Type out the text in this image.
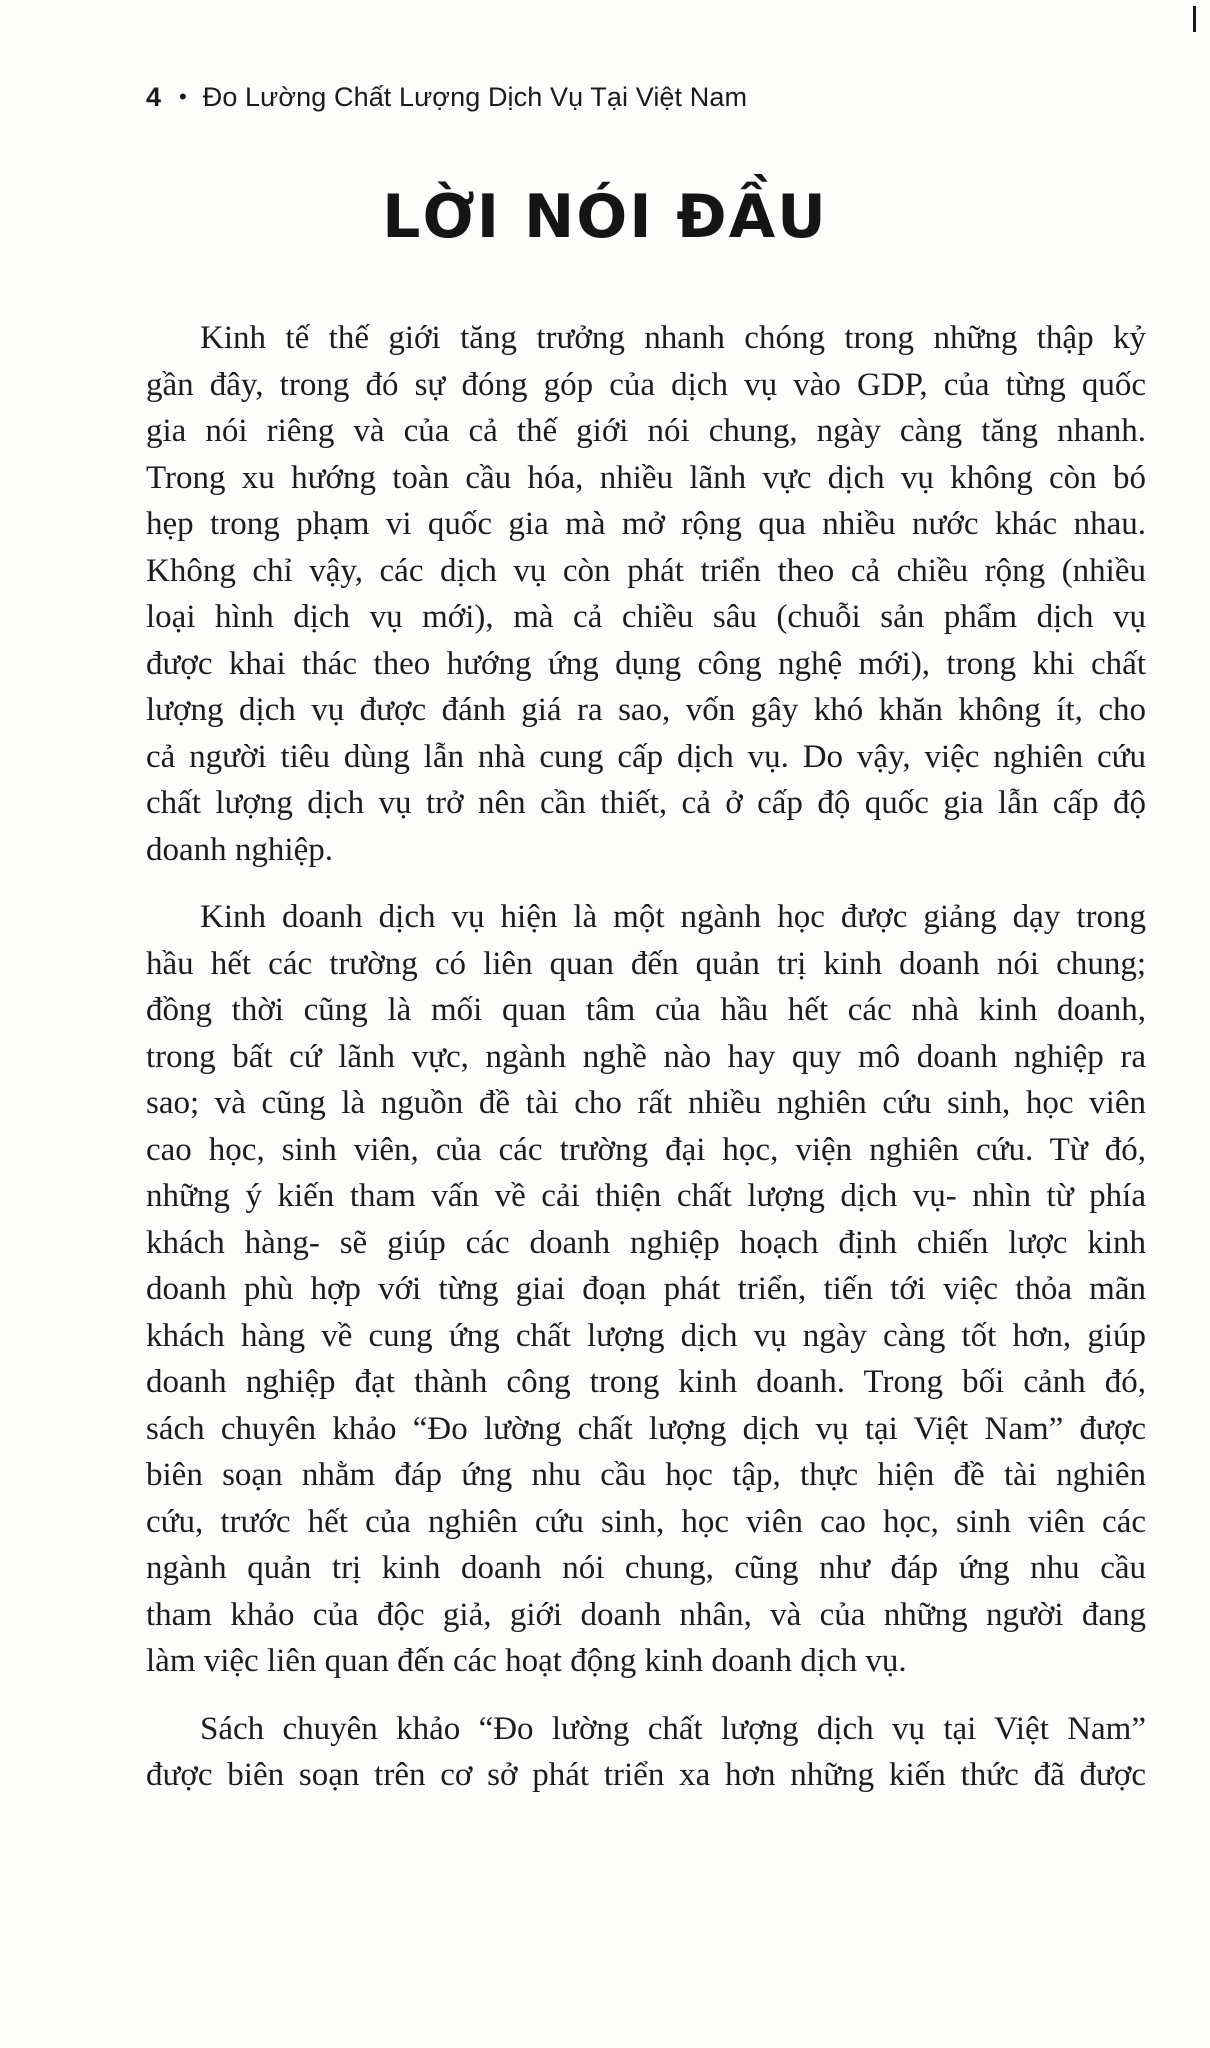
4 • Đo Lường Chất Lượng Dịch Vụ Tại Việt Nam
LỜI NÓI ĐẦU
Kinh tế thế giới tăng trưởng nhanh chóng trong những thập kỷ
gần đây, trong đó sự đóng góp của dịch vụ vào GDP, của từng quốc
gia nói riêng và của cả thế giới nói chung, ngày càng tăng nhanh.
Trong xu hướng toàn cầu hóa, nhiều lãnh vực dịch vụ không còn bó
hẹp trong phạm vi quốc gia mà mở rộng qua nhiều nước khác nhau.
Không chỉ vậy, các dịch vụ còn phát triển theo cả chiều rộng (nhiều
loại hình dịch vụ mới), mà cả chiều sâu (chuỗi sản phẩm dịch vụ
được khai thác theo hướng ứng dụng công nghệ mới), trong khi chất
lượng dịch vụ được đánh giá ra sao, vốn gây khó khăn không ít, cho
cả người tiêu dùng lẫn nhà cung cấp dịch vụ. Do vậy, việc nghiên cứu
chất lượng dịch vụ trở nên cần thiết, cả ở cấp độ quốc gia lẫn cấp độ
doanh nghiệp.
Kinh doanh dịch vụ hiện là một ngành học được giảng dạy trong
hầu hết các trường có liên quan đến quản trị kinh doanh nói chung;
đồng thời cũng là mối quan tâm của hầu hết các nhà kinh doanh,
trong bất cứ lãnh vực, ngành nghề nào hay quy mô doanh nghiệp ra
sao; và cũng là nguồn đề tài cho rất nhiều nghiên cứu sinh, học viên
cao học, sinh viên, của các trường đại học, viện nghiên cứu. Từ đó,
những ý kiến tham vấn về cải thiện chất lượng dịch vụ- nhìn từ phía
khách hàng- sẽ giúp các doanh nghiệp hoạch định chiến lược kinh
doanh phù hợp với từng giai đoạn phát triển, tiến tới việc thỏa mãn
khách hàng về cung ứng chất lượng dịch vụ ngày càng tốt hơn, giúp
doanh nghiệp đạt thành công trong kinh doanh. Trong bối cảnh đó,
sách chuyên khảo “Đo lường chất lượng dịch vụ tại Việt Nam” được
biên soạn nhằm đáp ứng nhu cầu học tập, thực hiện đề tài nghiên
cứu, trước hết của nghiên cứu sinh, học viên cao học, sinh viên các
ngành quản trị kinh doanh nói chung, cũng như đáp ứng nhu cầu
tham khảo của độc giả, giới doanh nhân, và của những người đang
làm việc liên quan đến các hoạt động kinh doanh dịch vụ.
Sách chuyên khảo “Đo lường chất lượng dịch vụ tại Việt Nam”
được biên soạn trên cơ sở phát triển xa hơn những kiến thức đã được
